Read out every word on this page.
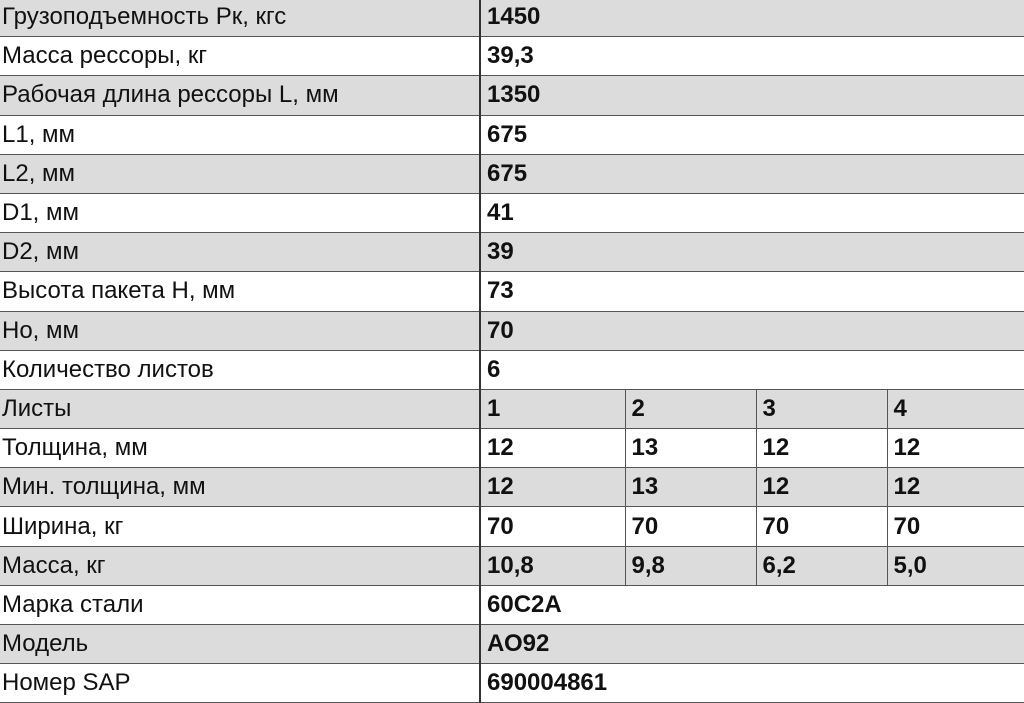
Грузоподъемность Рк, кгс	1450			
Масса рессоры, кг	39,3			
Рабочая длина рессоры L, мм	1350			
L1, мм	675			
L2, мм	675			
D1, мм	41			
D2, мм	39			
Высота пакета Н, мм	73			
Но, мм	70			
Количество листов	6			
Листы	1	2	3	4
Толщина, мм	12	13	12	12
Мин. толщина, мм	12	13	12	12
Ширина, кг	70	70	70	70
Масса, кг	10,8	9,8	6,2	5,0
Марка стали	60С2А			
Модель	АО92			
Номер SAP	690004861			
